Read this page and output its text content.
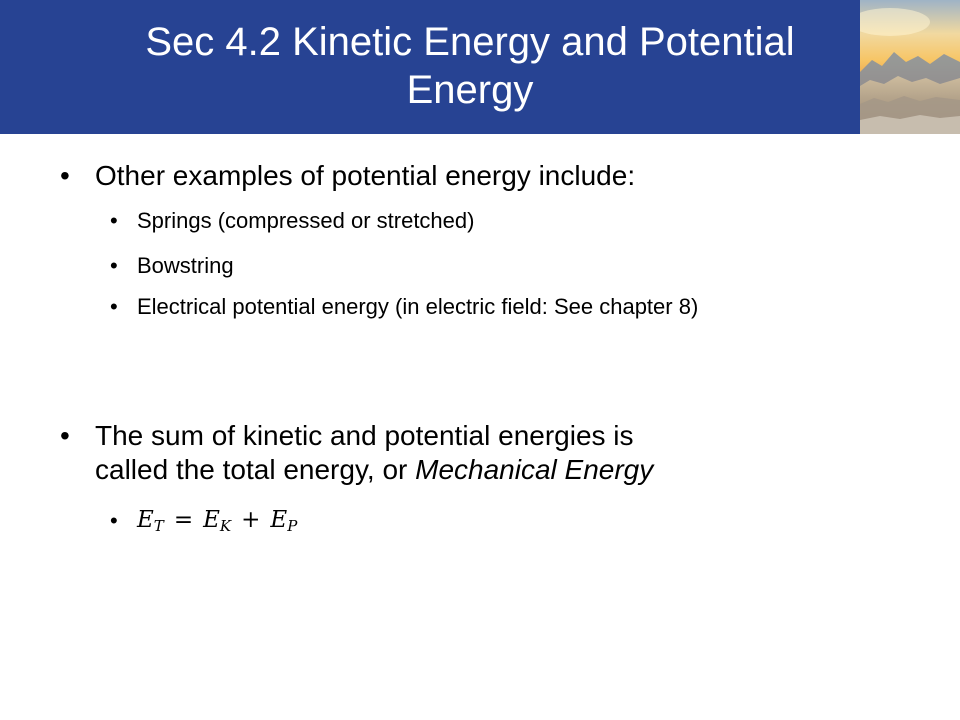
Sec 4.2 Kinetic Energy and Potential
Energy

• Other examples of potential energy include:

• Springs (compressed or stretched)

• Bowstring

• Electrical potential energy (in electric field: See chapter 8)

• The sum of kinetic and potential energies is
called the total energy, or Mechanical Energy

• $E_T = E_K + E_P$
